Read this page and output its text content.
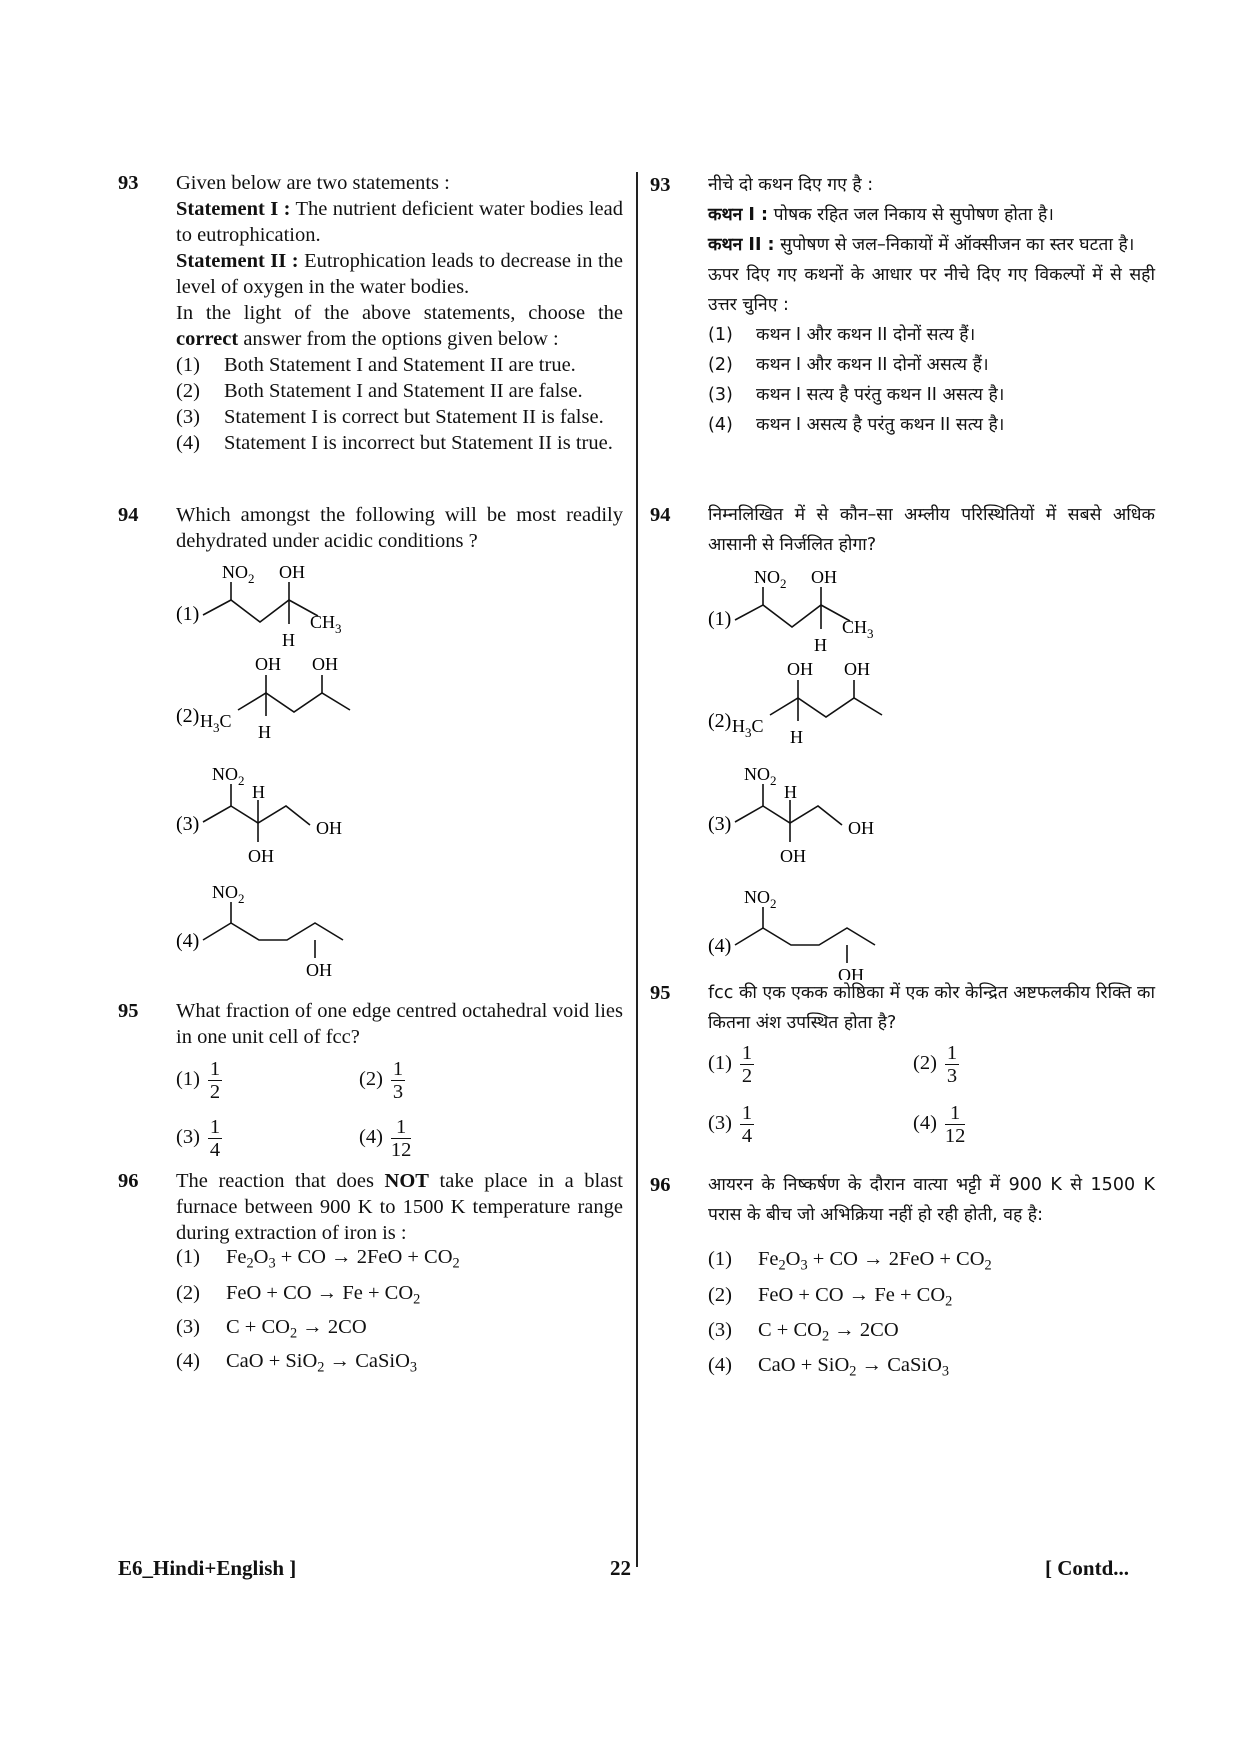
93 Given below are two statements :
Statement I : The nutrient deficient water bodies lead to eutrophication.
Statement II : Eutrophication leads to decrease in the level of oxygen in the water bodies.
In the light of the above statements, choose the correct answer from the options given below :
(1) Both Statement I and Statement II are true.
(2) Both Statement I and Statement II are false.
(3) Statement I is correct but Statement II is false.
(4) Statement I is incorrect but Statement II is true.
94 Which amongst the following will be most readily dehydrated under acidic conditions ?
(1)
$NO_2$ OH
$CH_3$
H
(2)
OH OH
$H_3C$
H
(3)
$NO_2$
H
OH
OH
(4)
$NO_2$
OH
95 What fraction of one edge centred octahedral void lies in one unit cell of fcc?
$(1) \frac{1}{2}$	$(2) \frac{1}{3}$
$(3) \frac{1}{4}$	$(4) \frac{1}{12}$
96 The reaction that does NOT take place in a blast furnace between 900 K to 1500 K temperature range during extraction of iron is :
(1) $Fe_2O_3$ + CO → $2FeO + CO_2$
(2) FeO + CO → $Fe + CO_2$
(3) $C + CO_2 \to 2CO$
(4) CaO + SiO$_2$ → CaSiO$_3$
93 नीचे दो कथन दिए गए है :
कथन I : पोषक रहित जल निकाय से सुपोषण होता है।
कथन II : सुपोषण से जल–निकायों में ऑक्सीजन का स्तर घटता है।
ऊपर दिए गए कथनों के आधार पर नीचे दिए गए विकल्पों में से सही उत्तर चुनिए :
(1) कथन I और कथन II दोनों सत्य हैं।
(2) कथन I और कथन II दोनों असत्य हैं।
(3) कथन I सत्य है परंतु कथन II असत्य है।
(4) कथन I असत्य है परंतु कथन II सत्य है।
94 निम्नलिखित में से कौन–सा अम्लीय परिस्थितियों में सबसे अधिक आसानी से निर्जलित होगा?
(1)
$NO_2$ OH
$CH_3$
H
(2)
OH OH
$H_3C$
H
(3)
$NO_2$
H
OH
OH
(4)
$NO_2$
OH
95 fcc की एक एकक कोष्ठिका में एक कोर केन्द्रित अष्टफलकीय रिक्ति का कितना अंश उपस्थित होता है?
$(1) \frac{1}{2}$	$(2) \frac{1}{3}$
$(3) \frac{1}{4}$	$(4) \frac{1}{12}$
96 आयरन के निष्कर्षण के दौरान वात्या भट्टी में 900 K से 1500 K परास के बीच जो अभिक्रिया नहीं हो रही होती, वह है:
(1) $Fe_2O_3$ + CO → $2FeO + CO_2$
(2) FeO + CO → $Fe + CO_2$
(3) $C + CO_2 \to 2CO$
(4) CaO + SiO$_2$ → CaSiO$_3$
E6_Hindi+English ]	22	[ Contd...
